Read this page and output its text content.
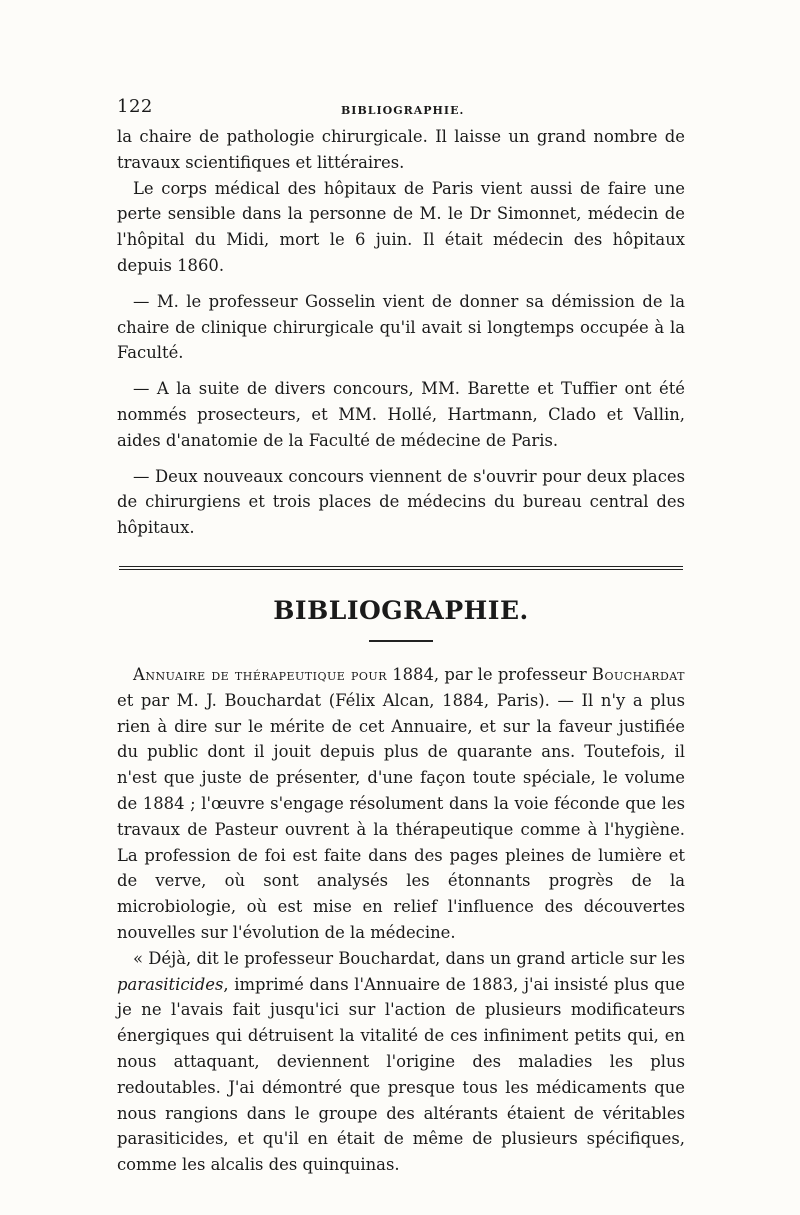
122	BIBLIOGRAPHIE.

la chaire de pathologie chirurgicale. Il laisse un grand nombre de travaux scientifiques et littéraires.

Le corps médical des hôpitaux de Paris vient aussi de faire une perte sensible dans la personne de M. le Dr Simonnet, médecin de l'hôpital du Midi, mort le 6 juin. Il était médecin des hôpitaux depuis 1860.

— M. le professeur Gosselin vient de donner sa démission de la chaire de clinique chirurgicale qu'il avait si longtemps occupée à la Faculté.

— A la suite de divers concours, MM. Barette et Tuffier ont été nommés prosecteurs, et MM. Hollé, Hartmann, Clado et Vallin, aides d'anatomie de la Faculté de médecine de Paris.

— Deux nouveaux concours viennent de s'ouvrir pour deux places de chirurgiens et trois places de médecins du bureau central des hôpitaux.

BIBLIOGRAPHIE.

Annuaire de thérapeutique pour 1884, par le professeur Bouchardat et par M. J. Bouchardat (Félix Alcan, 1884, Paris). — Il n'y a plus rien à dire sur le mérite de cet Annuaire, et sur la faveur justifiée du public dont il jouit depuis plus de quarante ans. Toutefois, il n'est que juste de présenter, d'une façon toute spéciale, le volume de 1884 ; l'œuvre s'engage résolument dans la voie féconde que les travaux de Pasteur ouvrent à la thérapeutique comme à l'hygiène. La profession de foi est faite dans des pages pleines de lumière et de verve, où sont analysés les étonnants progrès de la microbiologie, où est mise en relief l'influence des découvertes nouvelles sur l'évolution de la médecine.

« Déjà, dit le professeur Bouchardat, dans un grand article sur les parasiticides, imprimé dans l'Annuaire de 1883, j'ai insisté plus que je ne l'avais fait jusqu'ici sur l'action de plusieurs modificateurs énergiques qui détruisent la vitalité de ces infiniment petits qui, en nous attaquant, deviennent l'origine des maladies les plus redoutables. J'ai démontré que presque tous les médicaments que nous rangions dans le groupe des altérants étaient de véritables parasiticides, et qu'il en était de même de plusieurs spécifiques, comme les alcalis des quinquinas.
